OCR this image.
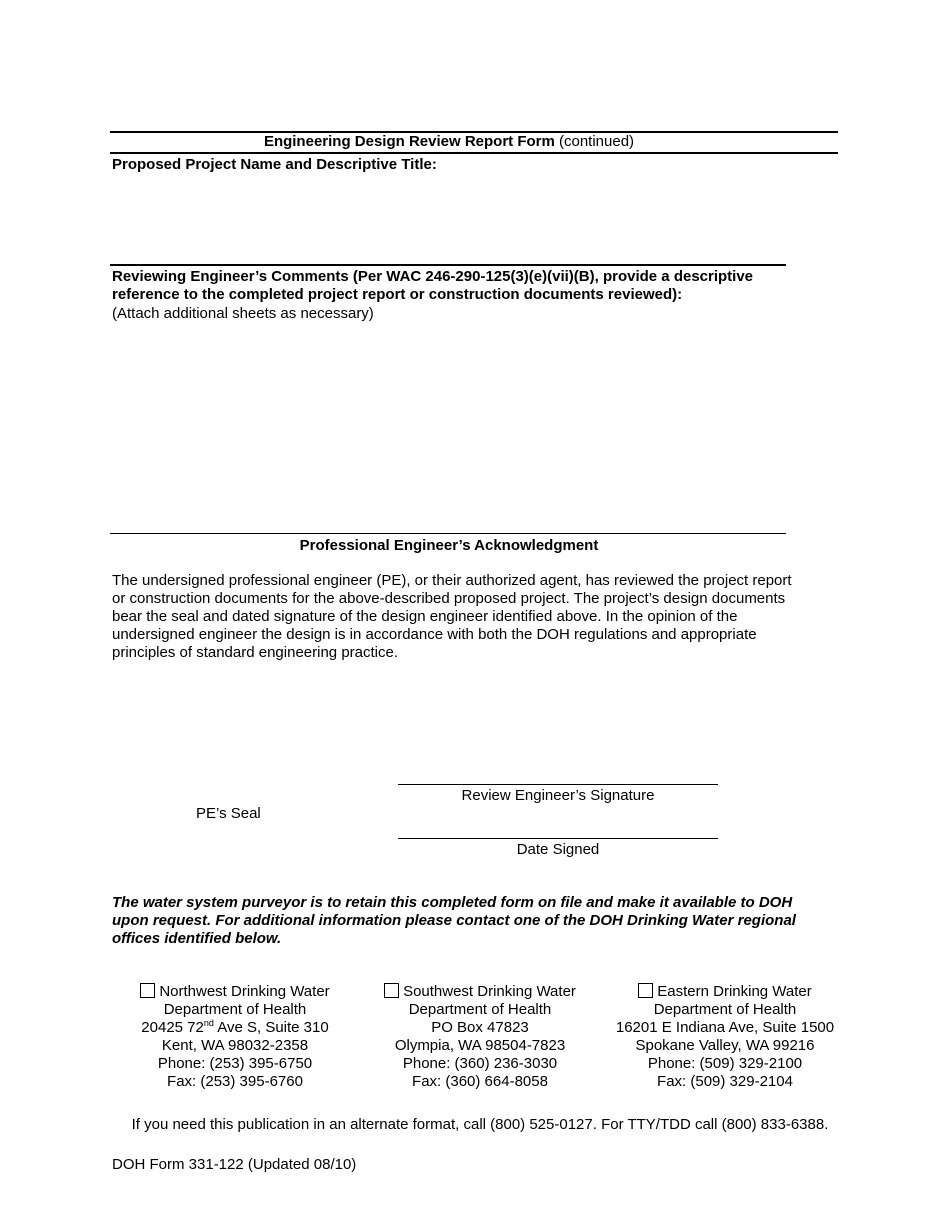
Engineering Design Review Report Form (continued)
Proposed Project Name and Descriptive Title:
Reviewing Engineer’s Comments (Per WAC 246-290-125(3)(e)(vii)(B), provide a descriptive reference to the completed project report or construction documents reviewed):
(Attach additional sheets as necessary)
Professional Engineer’s Acknowledgment
The undersigned professional engineer (PE), or their authorized agent, has reviewed the project report or construction documents for the above-described proposed project. The project’s design documents bear the seal and dated signature of the design engineer identified above. In the opinion of the undersigned engineer the design is in accordance with both the DOH regulations and appropriate principles of standard engineering practice.
Review Engineer’s Signature
PE’s Seal
Date Signed
The water system purveyor is to retain this completed form on file and make it available to DOH upon request. For additional information please contact one of the DOH Drinking Water regional offices identified below.
Northwest Drinking Water
Department of Health
20425 72nd Ave S, Suite 310
Kent, WA 98032-2358
Phone: (253) 395-6750
Fax: (253) 395-6760
Southwest Drinking Water
Department of Health
PO Box 47823
Olympia, WA 98504-7823
Phone: (360) 236-3030
Fax: (360) 664-8058
Eastern Drinking Water
Department of Health
16201 E Indiana Ave, Suite 1500
Spokane Valley, WA 99216
Phone: (509) 329-2100
Fax: (509) 329-2104
If you need this publication in an alternate format, call (800) 525-0127. For TTY/TDD call (800) 833-6388.
DOH Form 331-122 (Updated 08/10)
